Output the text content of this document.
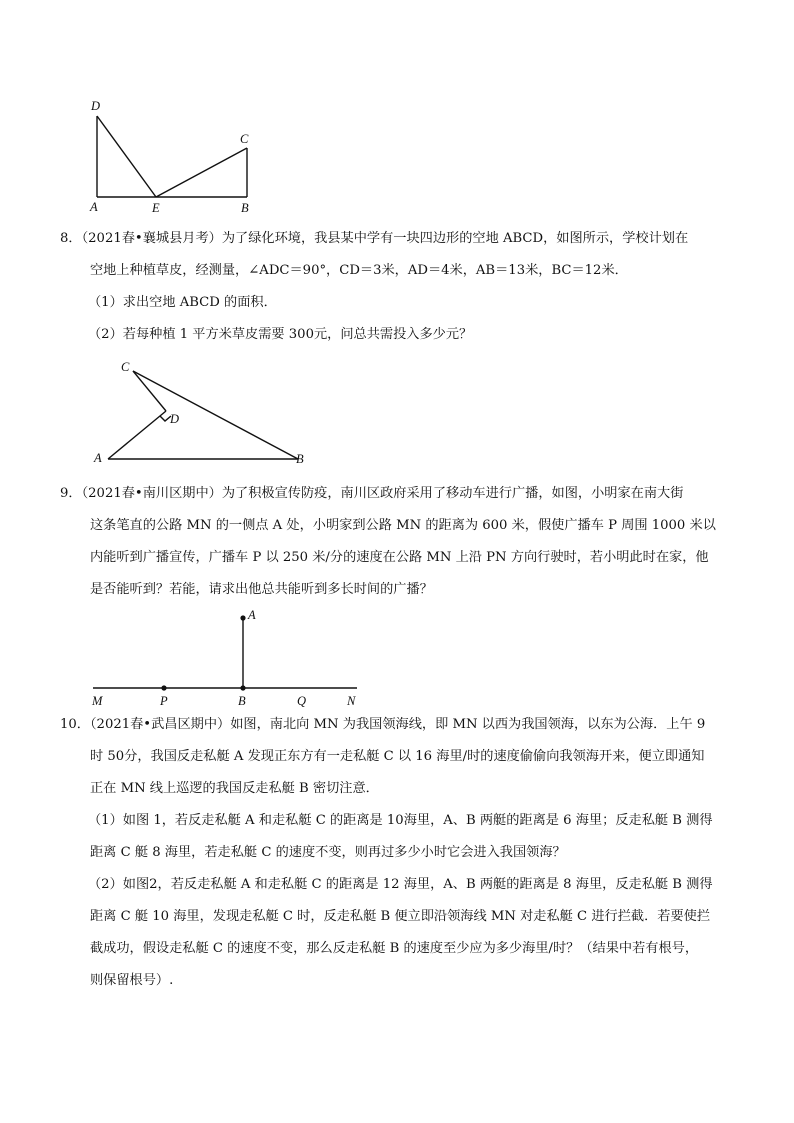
D
C
A	E	B
8．（2021春•襄城县月考）为了绿化环境，我县某中学有一块四边形的空地 ABCD，如图所示，学校计划在
空地上种植草皮，经测量，∠ADC＝90°，CD＝3米，AD＝4米，AB＝13米，BC＝12米．
（1）求出空地 ABCD 的面积．
（2）若每种植 1 平方米草皮需要 300元，问总共需投入多少元？
C
D
A	B
9．（2021春•南川区期中）为了积极宣传防疫，南川区政府采用了移动车进行广播，如图，小明家在南大街
这条笔直的公路 MN 的一侧点 A 处，小明家到公路 MN 的距离为 600 米，假使广播车 P 周围 1000 米以
内能听到广播宣传，广播车 P 以 250 米/分的速度在公路 MN 上沿 PN 方向行驶时，若小明此时在家，他
是否能听到？若能，请求出他总共能听到多长时间的广播？
A
M	P	B	Q	N
10．（2021春•武昌区期中）如图，南北向 MN 为我国领海线，即 MN 以西为我国领海，以东为公海．上午 9
时 50分，我国反走私艇 A 发现正东方有一走私艇 C 以 16 海里/时的速度偷偷向我领海开来，便立即通知
正在 MN 线上巡逻的我国反走私艇 B 密切注意．
（1）如图 1，若反走私艇 A 和走私艇 C 的距离是 10海里，A、B 两艇的距离是 6 海里；反走私艇 B 测得
距离 C 艇 8 海里，若走私艇 C 的速度不变，则再过多少小时它会进入我国领海？
（2）如图2，若反走私艇 A 和走私艇 C 的距离是 12 海里，A、B 两艇的距离是 8 海里，反走私艇 B 测得
距离 C 艇 10 海里，发现走私艇 C 时，反走私艇 B 便立即沿领海线 MN 对走私艇 C 进行拦截．若要使拦
截成功，假设走私艇 C 的速度不变，那么反走私艇 B 的速度至少应为多少海里/时？（结果中若有根号，
则保留根号）.
